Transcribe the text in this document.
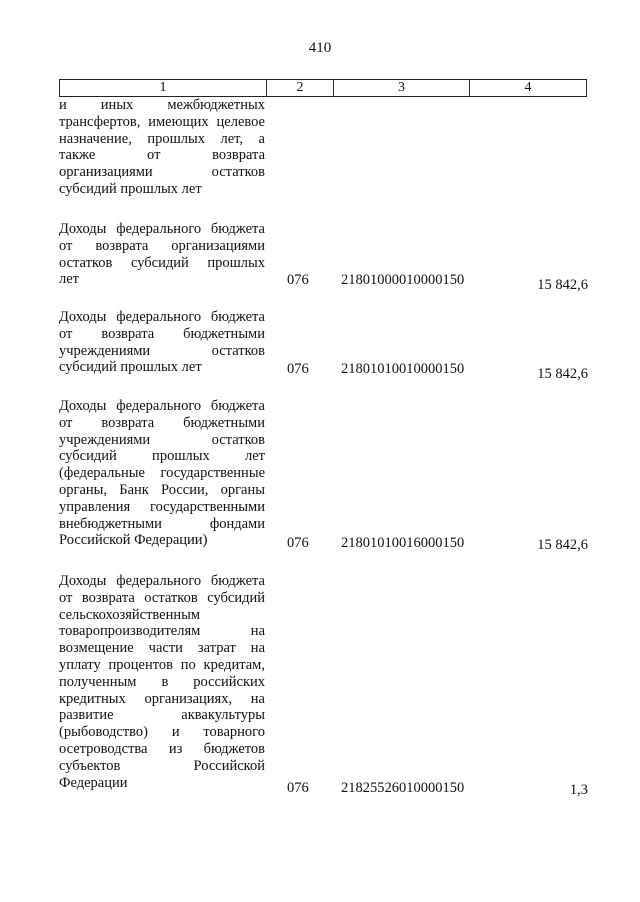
410
1	2	3	4
и иных межбюджетных
трансфертов, имеющих целевое
назначение, прошлых лет, а
также от возврата
организациями остатков
субсидий прошлых лет
Доходы федерального бюджета
от возврата организациями
остатков субсидий прошлых
лет	076	21801000010000150	15 842,6
Доходы федерального бюджета
от возврата бюджетными
учреждениями остатков
субсидий прошлых лет	076	21801010010000150	15 842,6
Доходы федерального бюджета
от возврата бюджетными
учреждениями остатков
субсидий прошлых лет
(федеральные государственные
органы, Банк России, органы
управления государственными
внебюджетными фондами
Российской Федерации)	076	21801010016000150	15 842,6
Доходы федерального бюджета
от возврата остатков субсидий
сельскохозяйственным
товаропроизводителям на
возмещение части затрат на
уплату процентов по кредитам,
полученным в российских
кредитных организациях, на
развитие аквакультуры
(рыбоводство) и товарного
осетроводства из бюджетов
субъектов Российской
Федерации	076	21825526010000150	1,3
